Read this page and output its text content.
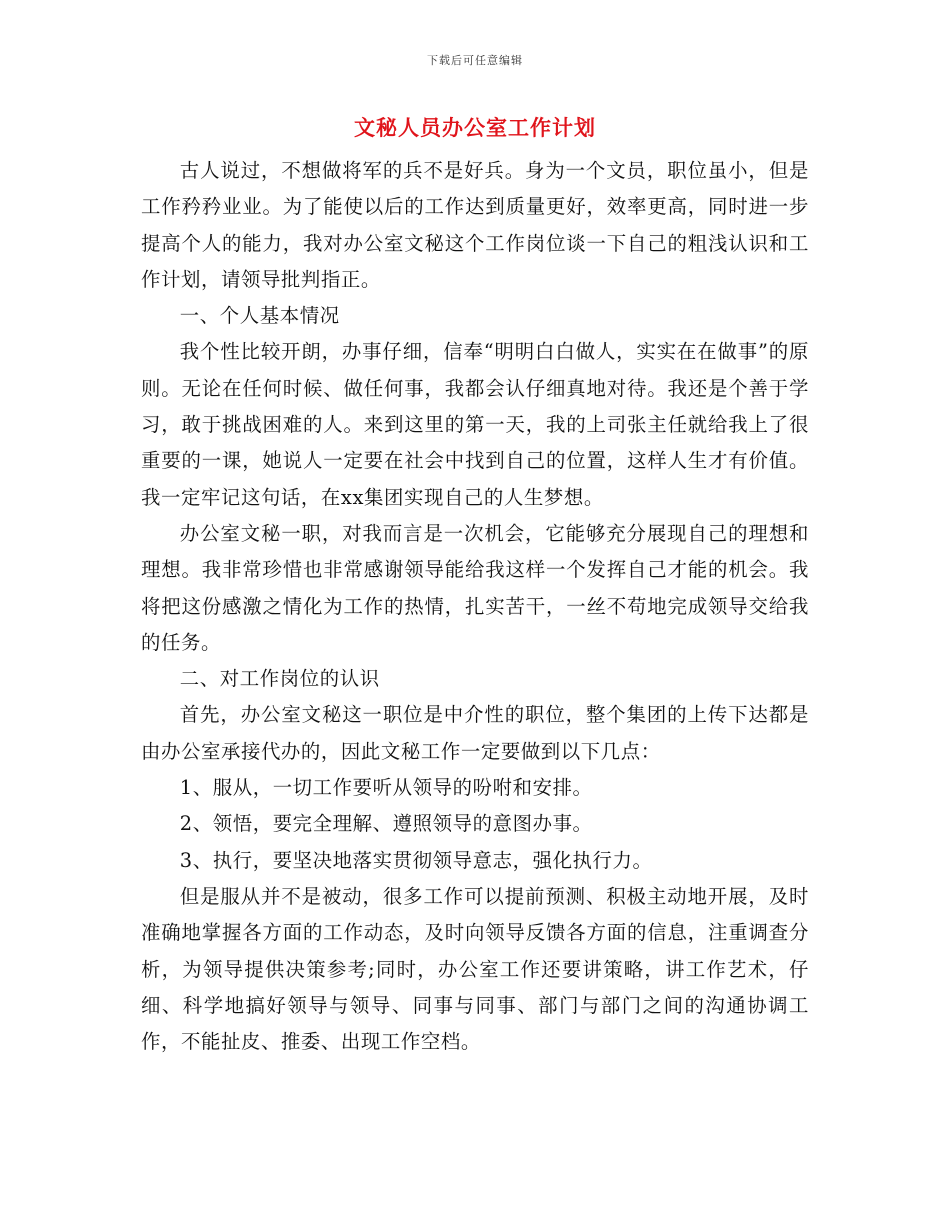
下载后可任意编辑
文秘人员办公室工作计划

古人说过，不想做将军的兵不是好兵。身为一个文员，职位虽小，但是工作矜矜业业。为了能使以后的工作达到质量更好，效率更高，同时进一步提高个人的能力，我对办公室文秘这个工作岗位谈一下自己的粗浅认识和工作计划，请领导批判指正。

一、个人基本情况

我个性比较开朗，办事仔细，信奉“明明白白做人，实实在在做事”的原则。无论在任何时候、做任何事，我都会认仔细真地对待。我还是个善于学习，敢于挑战困难的人。来到这里的第一天，我的上司张主任就给我上了很重要的一课，她说人一定要在社会中找到自己的位置，这样人生才有价值。我一定牢记这句话，在xx集团实现自己的人生梦想。

办公室文秘一职，对我而言是一次机会，它能够充分展现自己的理想和理想。我非常珍惜也非常感谢领导能给我这样一个发挥自己才能的机会。我将把这份感激之情化为工作的热情，扎实苦干，一丝不苟地完成领导交给我的任务。

二、对工作岗位的认识

首先，办公室文秘这一职位是中介性的职位，整个集团的上传下达都是由办公室承接代办的，因此文秘工作一定要做到以下几点：

1、服从，一切工作要听从领导的吩咐和安排。

2、领悟，要完全理解、遵照领导的意图办事。

3、执行，要坚决地落实贯彻领导意志，强化执行力。

但是服从并不是被动，很多工作可以提前预测、积极主动地开展，及时准确地掌握各方面的工作动态，及时向领导反馈各方面的信息，注重调查分析，为领导提供决策参考;同时，办公室工作还要讲策略，讲工作艺术，仔细、科学地搞好领导与领导、同事与同事、部门与部门之间的沟通协调工作，不能扯皮、推委、出现工作空档。
